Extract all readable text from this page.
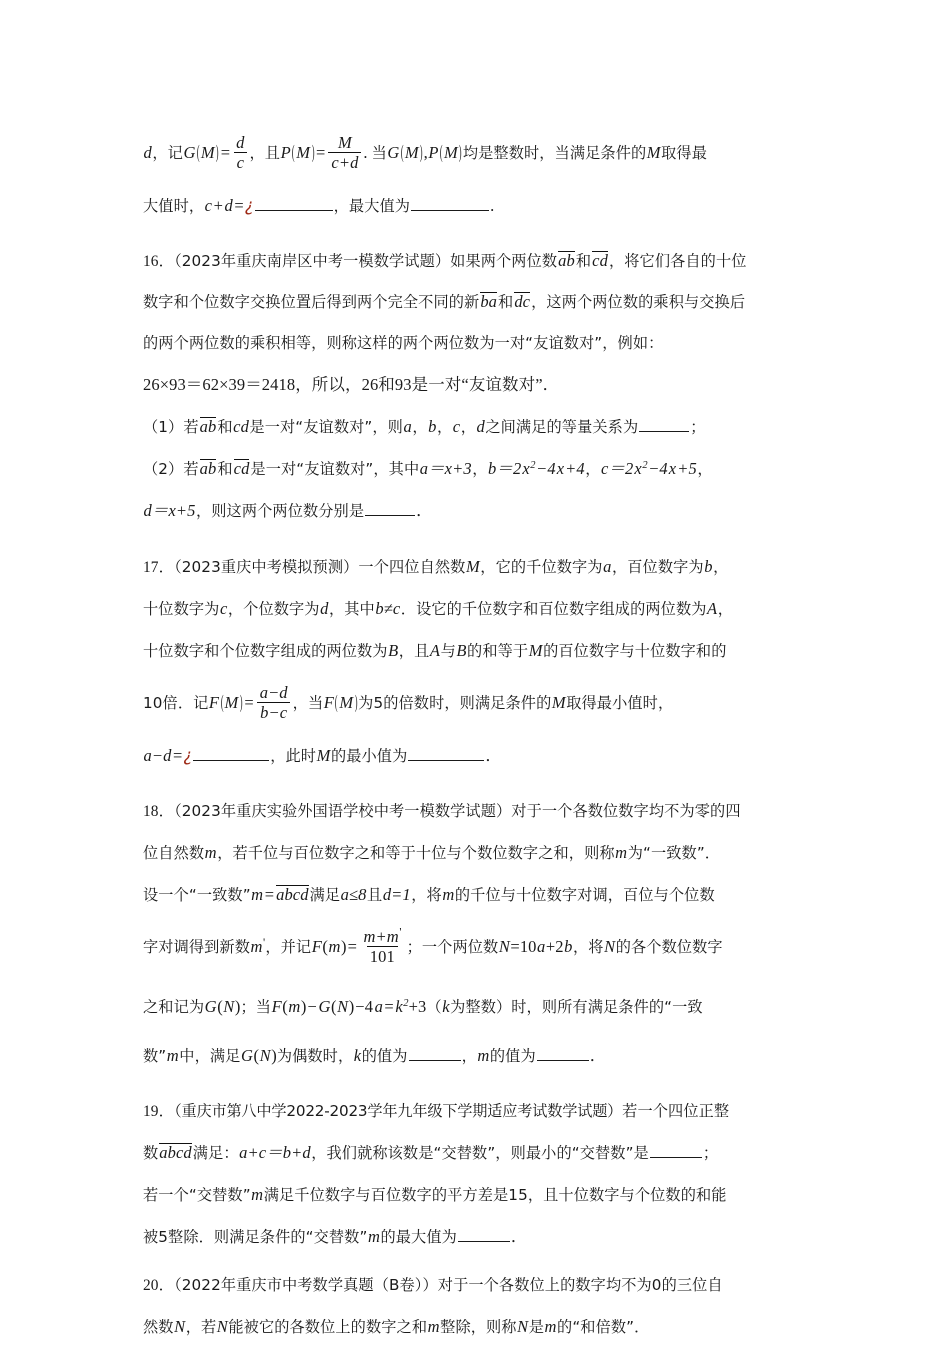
d，记$G(M) = \frac{d}{c}$ ，且$P(M) = \frac{M}{c+d}$ . 当G(M),P(M)均是整数时，当满足条件的M取得最
大值时，c+d=¿	，最大值为	.
16．（2023年重庆南岸区中考一模数学试题）如果两个两位数ab和cd，将它们各自的十位
数字和个位数字交换位置后得到两个完全不同的新ba和dc，这两个两位数的乘积与交换后
的两个两位数的乘积相等，则称这样的两个两位数为一对“友谊数对”，例如：
26×93＝62×39＝2418，所以，26和93是一对“友谊数对”．
（1）若ab和cd是一对“友谊数对”，则a，b，c，d之间满足的等量关系为	；
（2）若ab和cd是一对“友谊数对”，其中a＝x+3，$b=2x^2-4x+4$，$c=2x^2-4x+5$，
d＝x+5，则这两个两位数分别是	．
17．（2023重庆中考模拟预测）一个四位自然数M，它的千位数字为a，百位数字为b，
十位数字为c，个位数字为d，其中b≠c．设它的千位数字和百位数字组成的两位数为A，
十位数字和个位数字组成的两位数为B，且A与B的和等于M的百位数字与十位数字和的
10倍．记$F(M) = \frac{a-d}{b-c}$ ，当F(M)为5的倍数时，则满足条件的M取得最小值时，
a−d=¿	，此时M的最小值为	．
18．（2023年重庆实验外国语学校中考一模数学试题）对于一个各数位数字均不为零的四
位自然数m，若千位与百位数字之和等于十位与个数位数字之和，则称m为“一致数”．
设一个“一致数”m= abcd满足a≤8且d=1，将m的千位与十位数字对调，百位与个位数
字对调得到新数m'，并记$F(m)= \frac{m+m'}{101}$ ；一个两位数N=10a+2b，将N的各个数位数字
之和记为G(N)；当$F(m)-G(N)-4a=k^2+3(k$为整数）时，则所有满足条件的“一致
数”m中，满足G(N)为偶数时，k的值为	，m的值为	．
19．（重庆市第八中学2022-2023学年九年级下学期适应考试数学试题）若一个四位正整
数abcd满足：a+c＝b+d，我们就称该数是“交替数”，则最小的“交替数”是	；
若一个“交替数”m满足千位数字与百位数字的平方差是15，且十位数字与个位数的和能
被5整除．则满足条件的“交替数”m的最大值为	．
20．（2022年重庆市中考数学真题（B卷））对于一个各数位上的数字均不为0的三位自
然数N，若N能被它的各数位上的数字之和m整除，则称N是m的“和倍数”．
